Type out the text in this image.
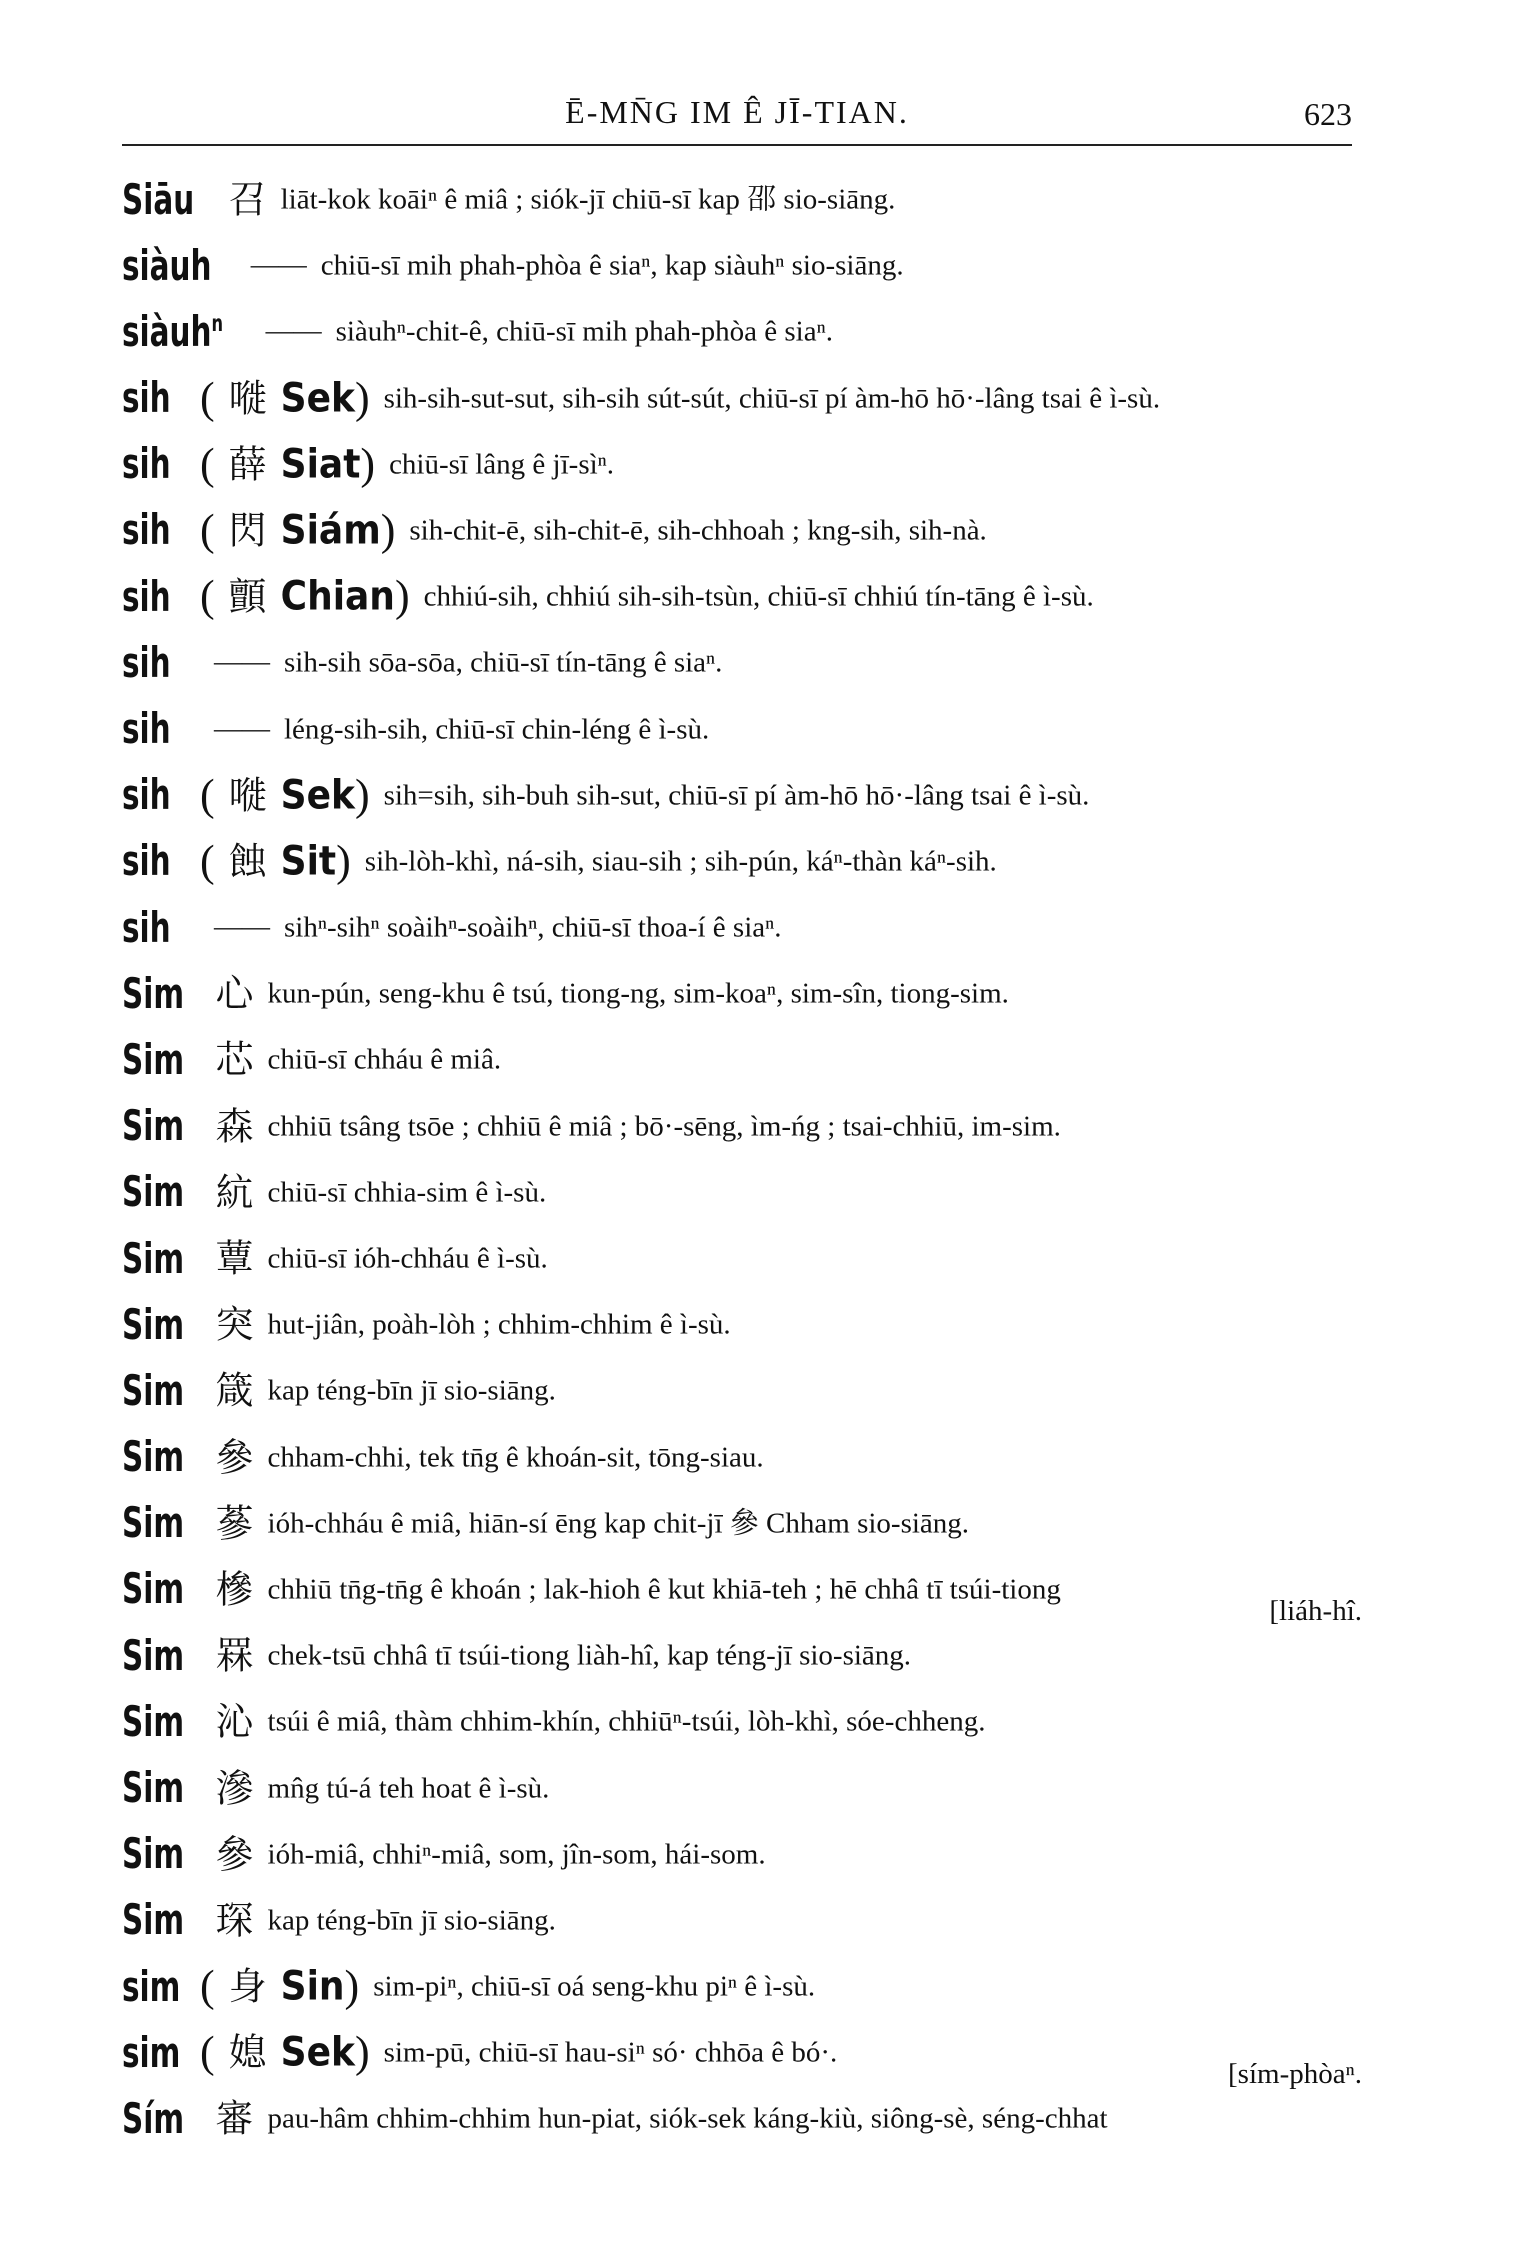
Ē-MN̄G IM Ê JĪ-TIAN.	623
Siāu 召 liāt-kok koāiⁿ ê miâ ; siók-jī chiū-sī kap 邵 sio-siāng.
siàuh —— chiū-sī mih phah-phòa ê siaⁿ, kap siàuhⁿ sio-siāng.
siàuh$^n$ —— siàuhⁿ-chit-ê, chiū-sī mih phah-phòa ê siaⁿ.
sih ( 嘥 Sek) sih-sih-sut-sut, sih-sih sút-sút, chiū-sī pí àm-hō hō·-lâng tsai ê ì-sù.
sih ( 薛 Siat) chiū-sī lâng ê jī-sìⁿ.
sih ( 閃 Siám) sih-chit-ē, sih-chit-ē, sih-chhoah ; kng-sih, sih-nà.
sih ( 顫 Chian) chhiú-sih, chhiú sih-sih-tsùn, chiū-sī chhiú tín-tāng ê ì-sù.
sih —— sih-sih sōa-sōa, chiū-sī tín-tāng ê siaⁿ.
sih —— léng-sih-sih, chiū-sī chin-léng ê ì-sù.
sih ( 嘥 Sek) sih=sih, sih-buh sih-sut, chiū-sī pí àm-hō hō·-lâng tsai ê ì-sù.
sih ( 蝕 Sit) sih-lòh-khì, ná-sih, siau-sih ; sih-pún, káⁿ-thàn káⁿ-sih.
sih —— sihⁿ-sihⁿ soàihⁿ-soàihⁿ, chiū-sī thoa-í ê siaⁿ.
Sim 心 kun-pún, seng-khu ê tsú, tiong-ng, sim-koaⁿ, sim-sîn, tiong-sim.
Sim 芯 chiū-sī chháu ê miâ.
Sim 森 chhiū tsâng tsōe ; chhiū ê miâ ; bō·-sēng, ìm-ńg ; tsai-chhiū, im-sim.
Sim 䋁 chiū-sī chhia-sim ê ì-sù.
Sim 蕈 chiū-sī ióh-chháu ê ì-sù.
Sim 突 hut-jiân, poàh-lòh ; chhim-chhim ê ì-sù.
Sim 箴 kap téng-bīn jī sio-siāng.
Sim 參 chham-chhi, tek tn̄g ê khoán-sit, tōng-siau.
Sim 蔘 ióh-chháu ê miâ, hiān-sí ēng kap chit-jī 參 Chham sio-siāng.
Sim 槮 chhiū tn̄g-tn̄g ê khoán ; lak-hioh ê kut khiā-teh ; hē chhâ tī tsúi-tiong
[liáh-hî.
Sim 罧 chek-tsū chhâ tī tsúi-tiong liàh-hî, kap téng-jī sio-siāng.
Sim 沁 tsúi ê miâ, thàm chhim-khín, chhiūⁿ-tsúi, lòh-khì, sóe-chheng.
Sim 滲 mn̂g tú-á teh hoat ê ì-sù.
Sim 參 ióh-miâ, chhiⁿ-miâ, som, jîn-som, hái-som.
Sim 琛 kap téng-bīn jī sio-siāng.
sim ( 身 Sin) sim-piⁿ, chiū-sī oá seng-khu piⁿ ê ì-sù.
sim ( 媳 Sek) sim-pū, chiū-sī hau-siⁿ só· chhōa ê bó·.
[sím-phòaⁿ.
Sím 審 pau-hâm chhim-chhim hun-piat, siók-sek káng-kiù, siông-sè, séng-chhat
